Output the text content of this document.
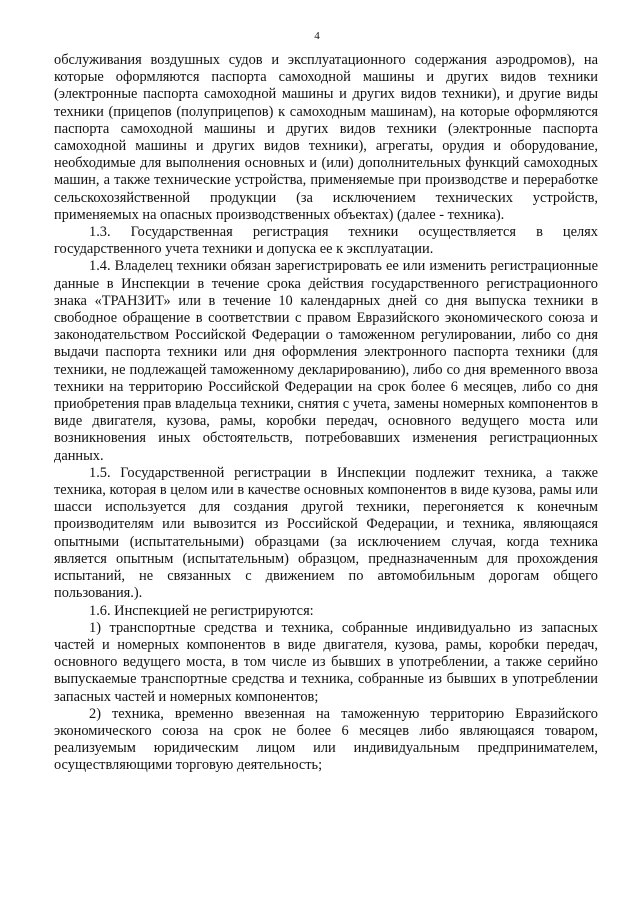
4

обслуживания воздушных судов и эксплуатационного содержания аэродромов), на которые оформляются паспорта самоходной машины и других видов техники (электронные паспорта самоходной машины и других видов техники), и другие виды техники (прицепов (полуприцепов) к самоходным машинам), на которые оформляются паспорта самоходной машины и других видов техники (электронные паспорта самоходной машины и других видов техники), агрегаты, орудия и оборудование, необходимые для выполнения основных и (или) дополнительных функций самоходных машин, а также технические устройства, применяемые при производстве и переработке сельскохозяйственной продукции (за исключением технических устройств, применяемых на опасных производственных объектах) (далее - техника).

1.3. Государственная регистрация техники осуществляется в целях государственного учета техники и допуска ее к эксплуатации.

1.4. Владелец техники обязан зарегистрировать ее или изменить регистрационные данные в Инспекции в течение срока действия государственного регистрационного знака «ТРАНЗИТ» или в течение 10 календарных дней со дня выпуска техники в свободное обращение в соответствии с правом Евразийского экономического союза и законодательством Российской Федерации о таможенном регулировании, либо со дня выдачи паспорта техники или дня оформления электронного паспорта техники (для техники, не подлежащей таможенному декларированию), либо со дня временного ввоза техники на территорию Российской Федерации на срок более 6 месяцев, либо со дня приобретения прав владельца техники, снятия с учета, замены номерных компонентов в виде двигателя, кузова, рамы, коробки передач, основного ведущего моста или возникновения иных обстоятельств, потребовавших изменения регистрационных данных.

1.5. Государственной регистрации в Инспекции подлежит техника, а также техника, которая в целом или в качестве основных компонентов в виде кузова, рамы или шасси используется для создания другой техники, перегоняется к конечным производителям или вывозится из Российской Федерации, и техника, являющаяся опытными (испытательными) образцами (за исключением случая, когда техника является опытным (испытательным) образцом, предназначенным для прохождения испытаний, не связанных с движением по автомобильным дорогам общего пользования.).

1.6. Инспекцией не регистрируются:

1) транспортные средства и техника, собранные индивидуально из запасных частей и номерных компонентов в виде двигателя, кузова, рамы, коробки передач, основного ведущего моста, в том числе из бывших в употреблении, а также серийно выпускаемые транспортные средства и техника, собранные из бывших в употреблении запасных частей и номерных компонентов;

2) техника, временно ввезенная на таможенную территорию Евразийского экономического союза на срок не более 6 месяцев либо являющаяся товаром, реализуемым юридическим лицом или индивидуальным предпринимателем, осуществляющими торговую деятельность;
